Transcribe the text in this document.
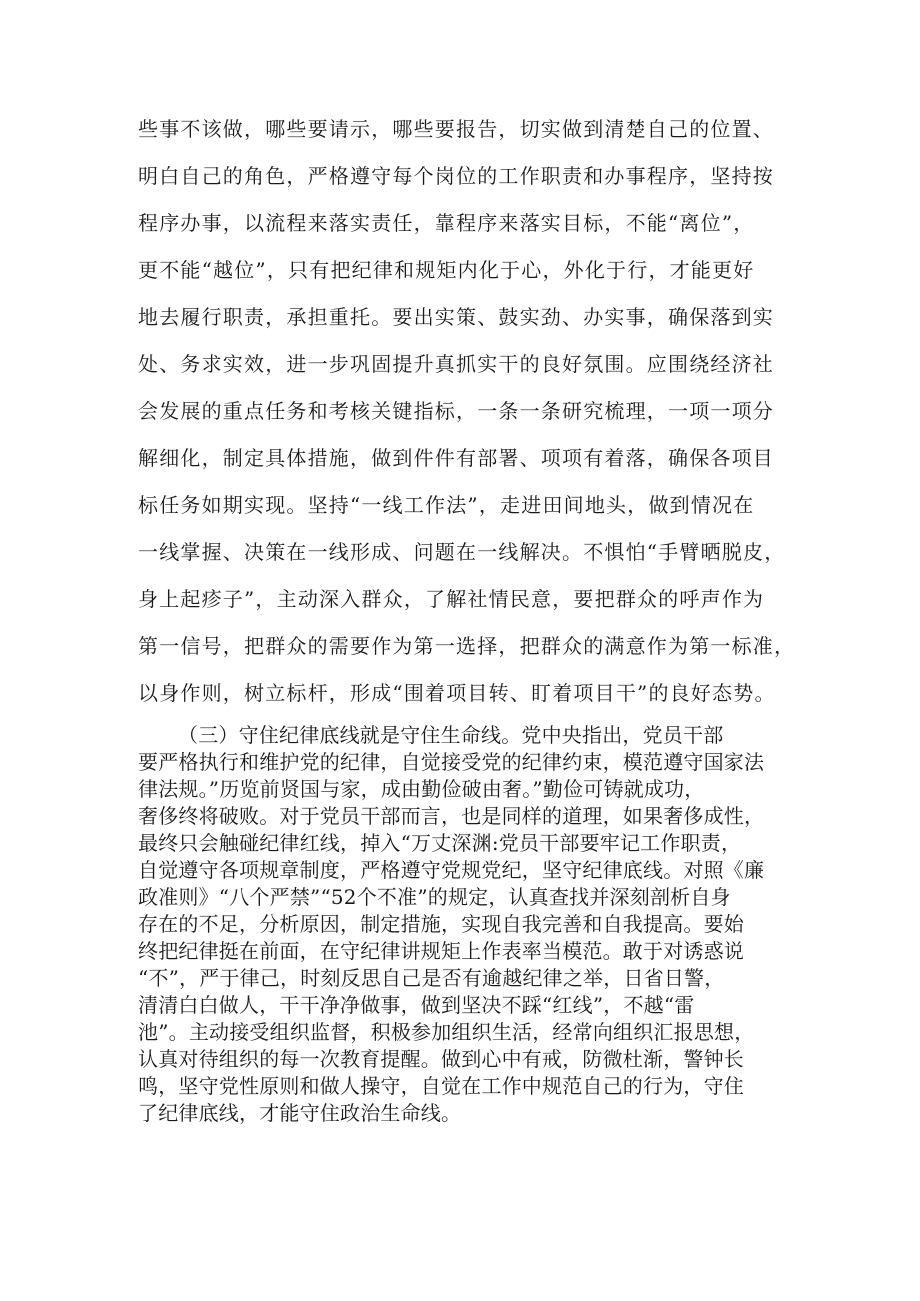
些事不该做，哪些要请示，哪些要报告，切实做到清楚自己的位置、

明白自己的角色，严格遵守每个岗位的工作职责和办事程序，坚持按

程序办事，以流程来落实责任，靠程序来落实目标，不能“离位”，

更不能“越位”，只有把纪律和规矩内化于心，外化于行，才能更好

地去履行职责，承担重托。要出实策、鼓实劲、办实事，确保落到实

处、务求实效，进一步巩固提升真抓实干的良好氛围。应围绕经济社

会发展的重点任务和考核关键指标，一条一条研究梳理，一项一项分

解细化，制定具体措施，做到件件有部署、项项有着落，确保各项目

标任务如期实现。坚持“一线工作法”，走进田间地头，做到情况在

一线掌握、决策在一线形成、问题在一线解决。不惧怕“手臂晒脱皮，

身上起疹子”，主动深入群众，了解社情民意，要把群众的呼声作为

第一信号，把群众的需要作为第一选择，把群众的满意作为第一标准，

以身作则，树立标杆，形成“围着项目转、盯着项目干”的良好态势。

（三）守住纪律底线就是守住生命线。党中央指出，党员干部

要严格执行和维护党的纪律，自觉接受党的纪律约束，模范遵守国家法

律法规。”历览前贤国与家，成由勤俭破由奢。”勤俭可铸就成功，

奢侈终将破败。对于党员干部而言，也是同样的道理，如果奢侈成性，

最终只会触碰纪律红线，掉入“万丈深渊:党员干部要牢记工作职责，

自觉遵守各项规章制度，严格遵守党规党纪，坚守纪律底线。对照《廉

政准则》“八个严禁”“52个不准”的规定，认真查找并深刻剖析自身

存在的不足，分析原因，制定措施，实现自我完善和自我提高。要始

终把纪律挺在前面，在守纪律讲规矩上作表率当模范。敢于对诱惑说

“不”，严于律己，时刻反思自己是否有逾越纪律之举，日省日警，

清清白白做人，干干净净做事，做到坚决不踩“红线”，不越“雷

池”。主动接受组织监督，积极参加组织生活，经常向组织汇报思想，

认真对待组织的每一次教育提醒。做到心中有戒，防微杜渐，警钟长

鸣，坚守党性原则和做人操守，自觉在工作中规范自己的行为，守住

了纪律底线，才能守住政治生命线。
